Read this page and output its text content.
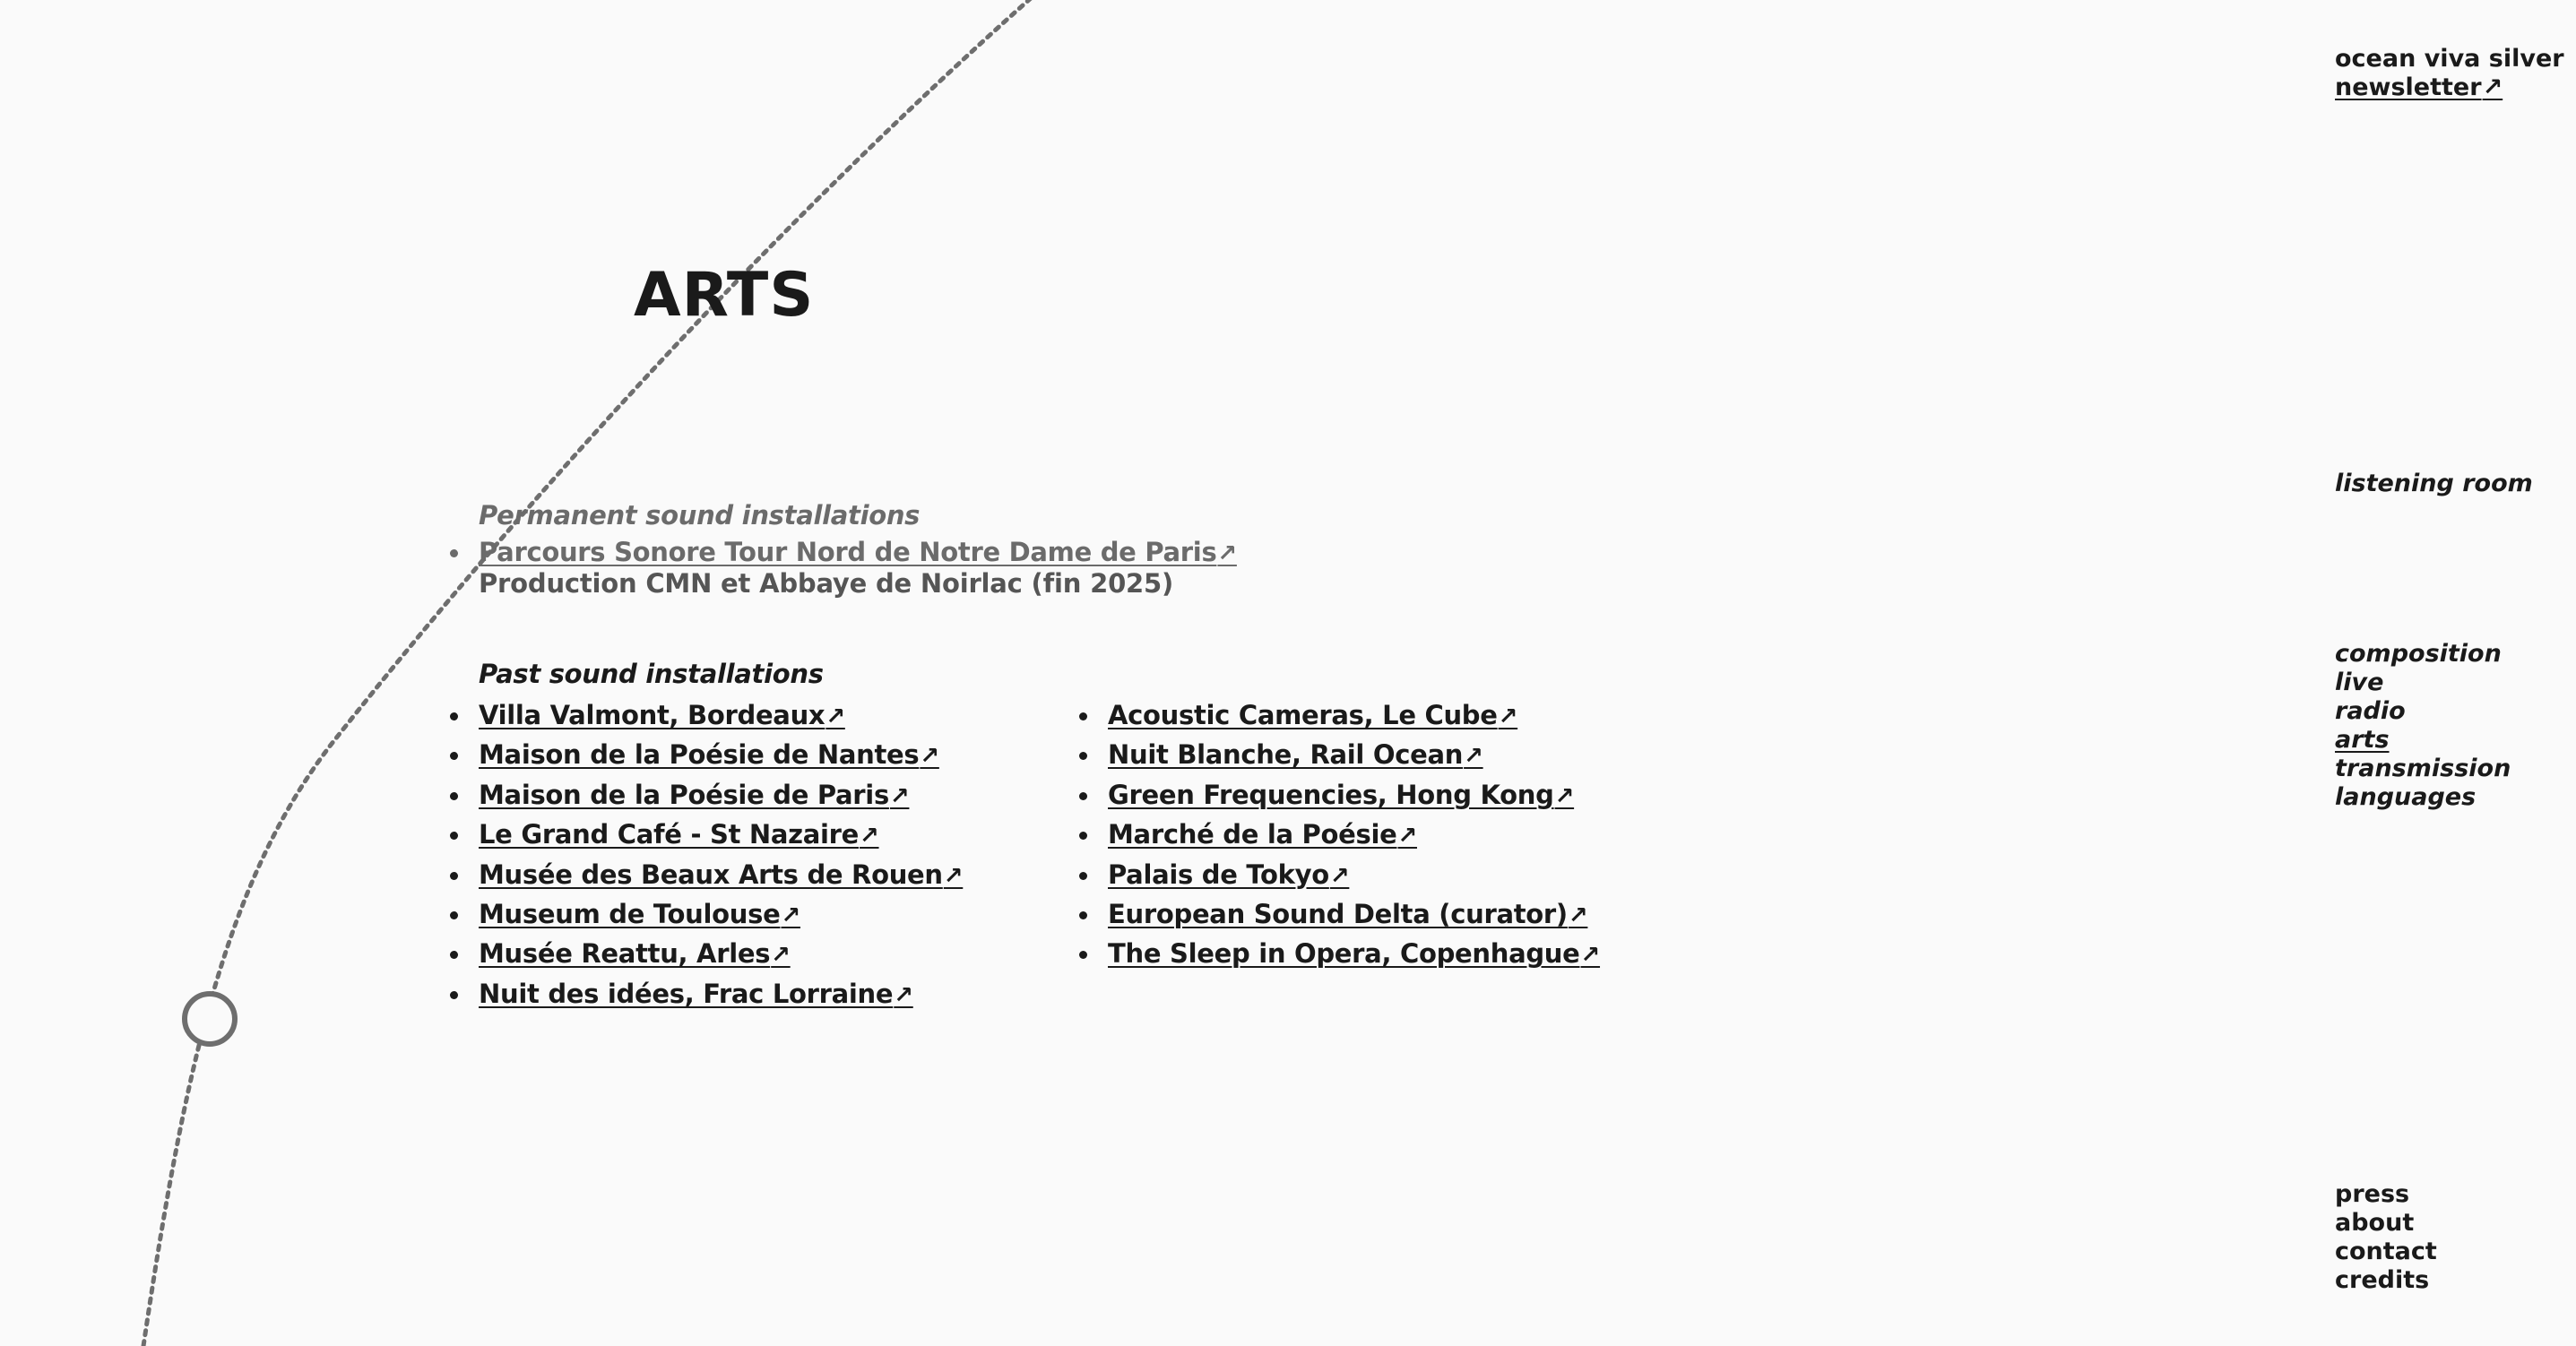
ocean viva silver
newsletter↗
ARTS
Permanent sound installations
Parcours Sonore Tour Nord de Notre Dame de Paris↗

Production CMN et Abbaye de Noirlac (fin 2025)

Past sound installations
Villa Valmont, Bordeaux↗
Maison de la Poésie de Nantes↗
Maison de la Poésie de Paris↗
Le Grand Café - St Nazaire↗
Musée des Beaux Arts de Rouen↗
Museum de Toulouse↗
Musée Reattu, Arles↗
Nuit des idées, Frac Lorraine↗
Acoustic Cameras, Le Cube↗
Nuit Blanche, Rail Ocean↗
Green Frequencies, Hong Kong↗
Marché de la Poésie↗
Palais de Tokyo↗
European Sound Delta (curator)↗
The Sleep in Opera, Copenhague↗
listening room
composition
live
radio
arts
transmission
languages
press
about
contact
credits
